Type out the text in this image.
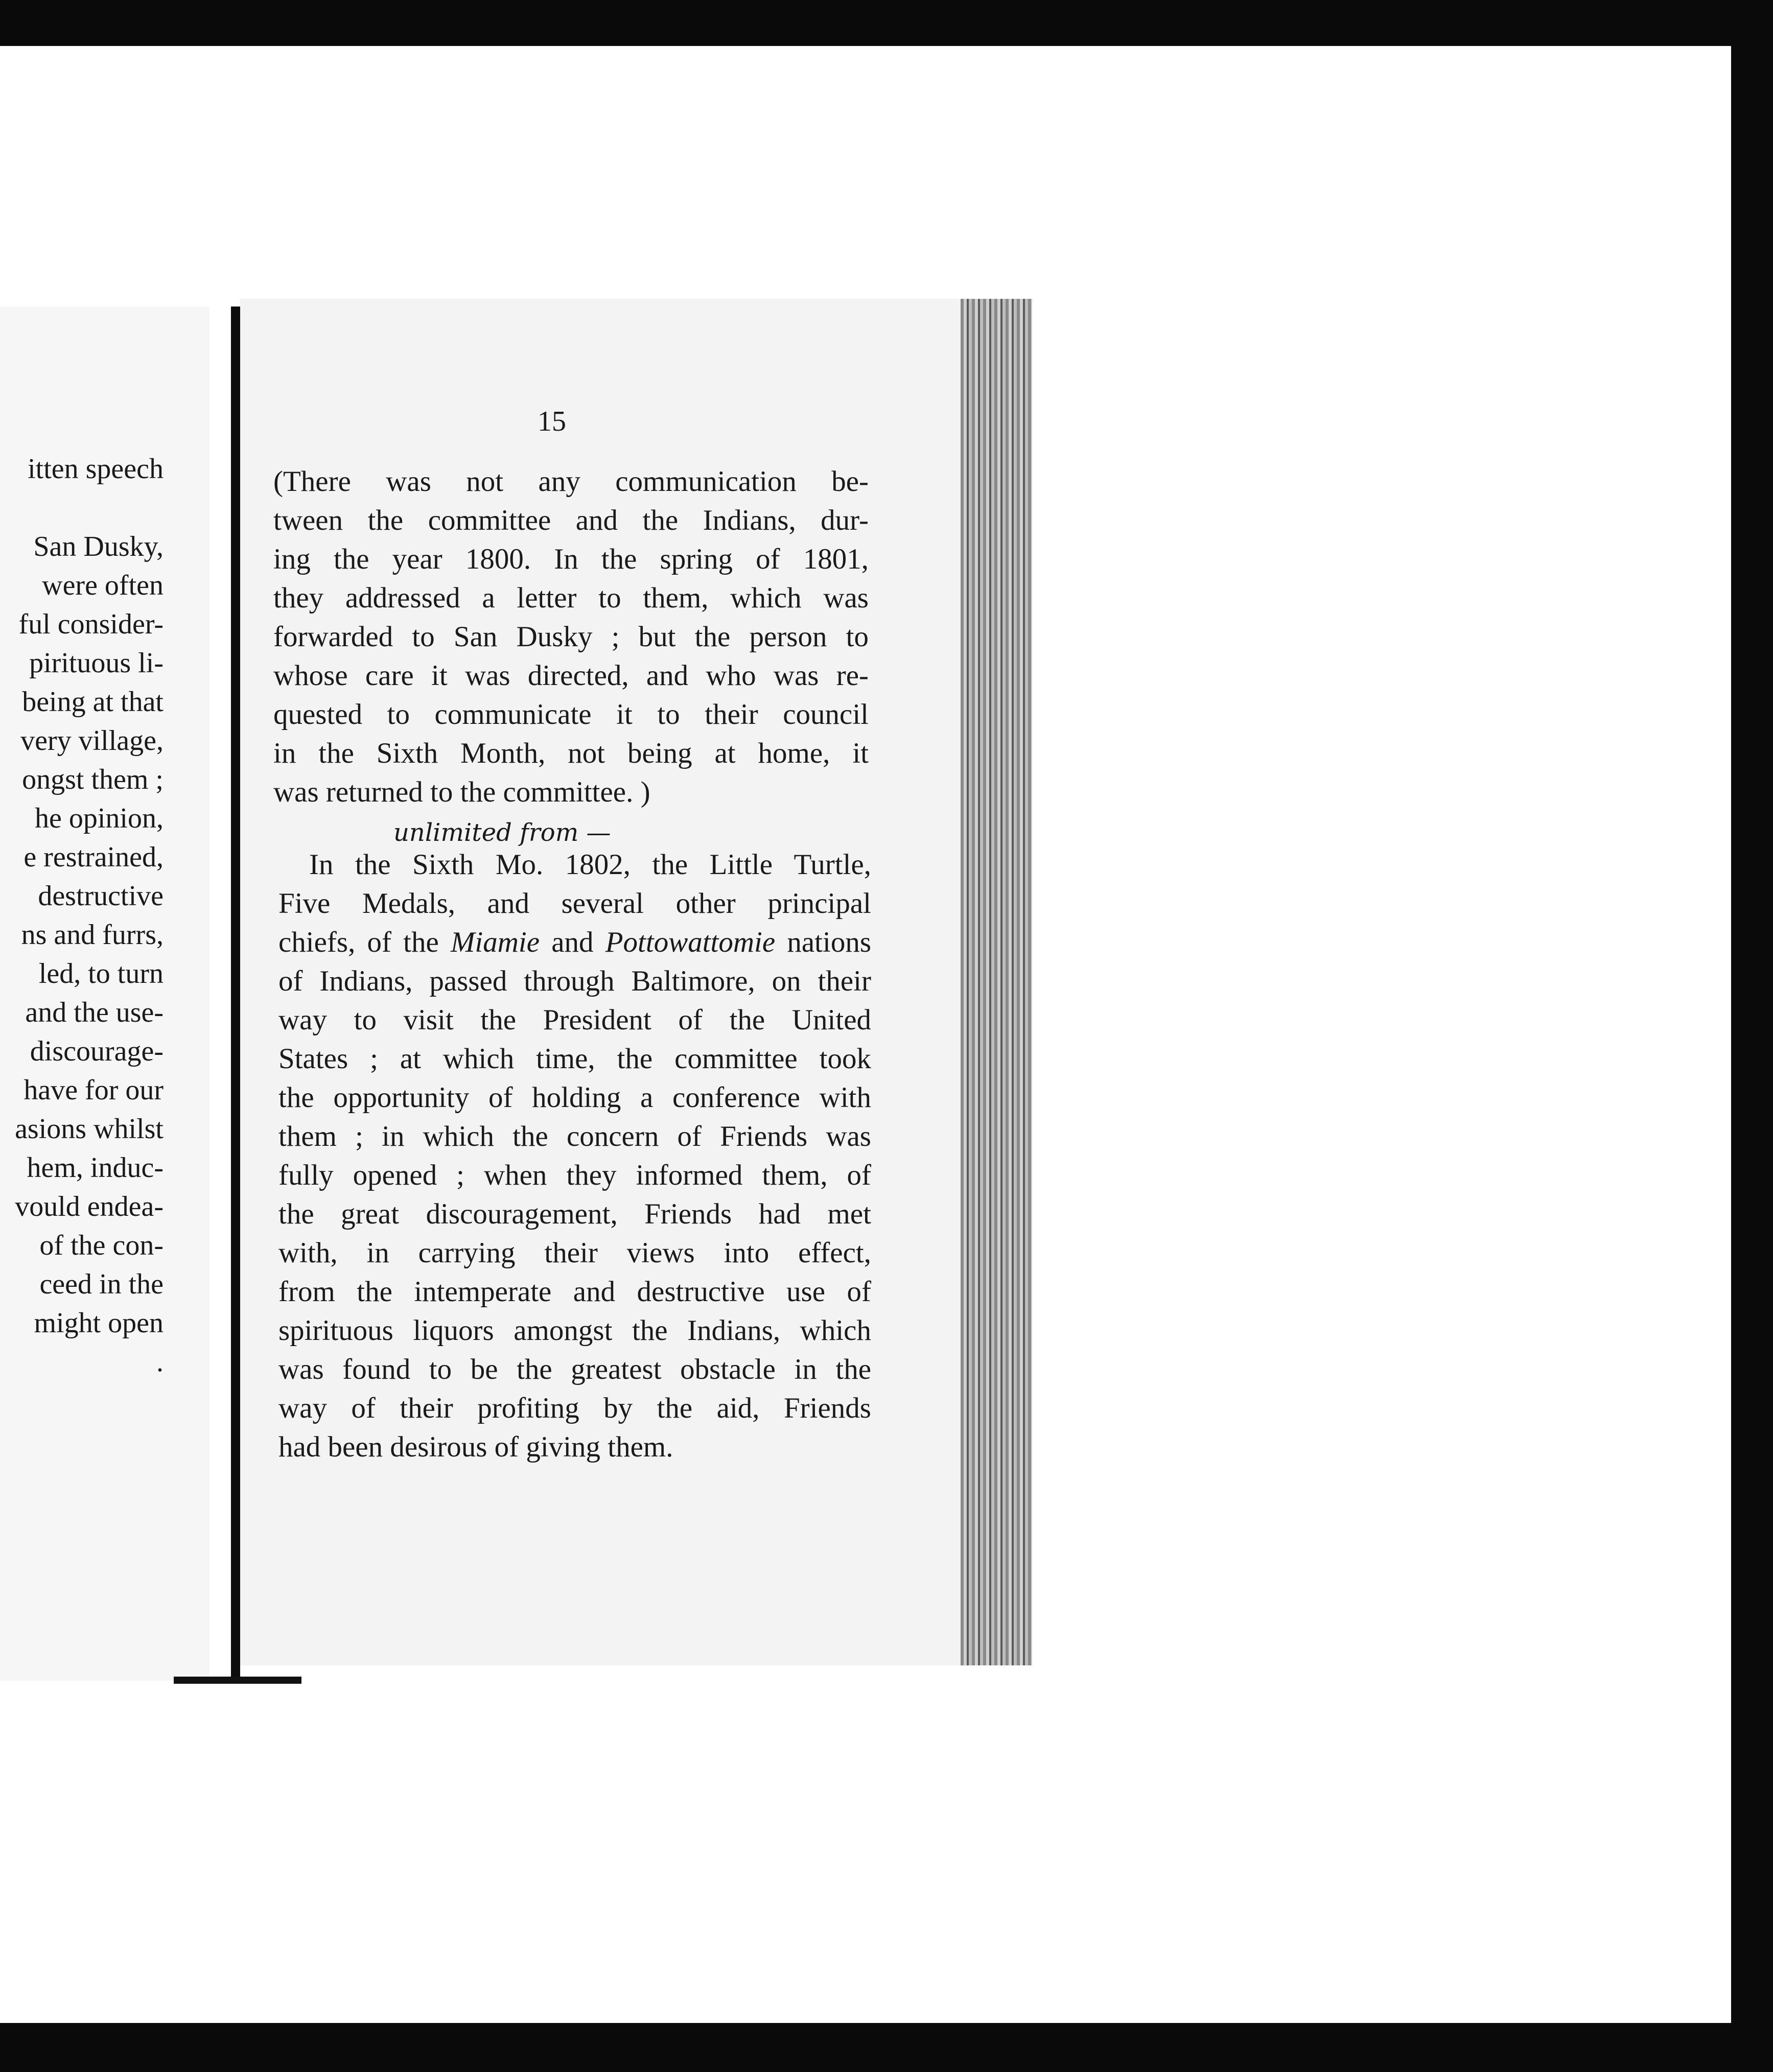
itten speech
San Dusky,
were often
ful consider-
pirituous li-
being at that
very village,
ongst them ;
he opinion,
e restrained,
destructive
ns and furrs,
led, to turn
and the use-
discourage-
have for our
asions whilst
hem, induc-
vould endea-
of the con-
ceed in the
might open
.
15
(There was not any communication be-
tween the committee and the Indians, dur-
ing the year 1800. In the spring of 1801,
they addressed a letter to them, which was
forwarded to San Dusky ; but the person to
whose care it was directed, and who was re-
quested to communicate it to their council
in the Sixth Month, not being at home, it
was returned to the committee. )
unlimited from —
In the Sixth Mo. 1802, the Little Turtle,
Five Medals, and several other principal
chiefs, of the Miamie and Pottowattomie nations
of Indians, passed through Baltimore, on their
way to visit the President of the United
States ; at which time, the committee took
the opportunity of holding a conference with
them ; in which the concern of Friends was
fully opened ; when they informed them, of
the great discouragement, Friends had met
with, in carrying their views into effect,
from the intemperate and destructive use of
spirituous liquors amongst the Indians, which
was found to be the greatest obstacle in the
way of their profiting by the aid, Friends
had been desirous of giving them.
